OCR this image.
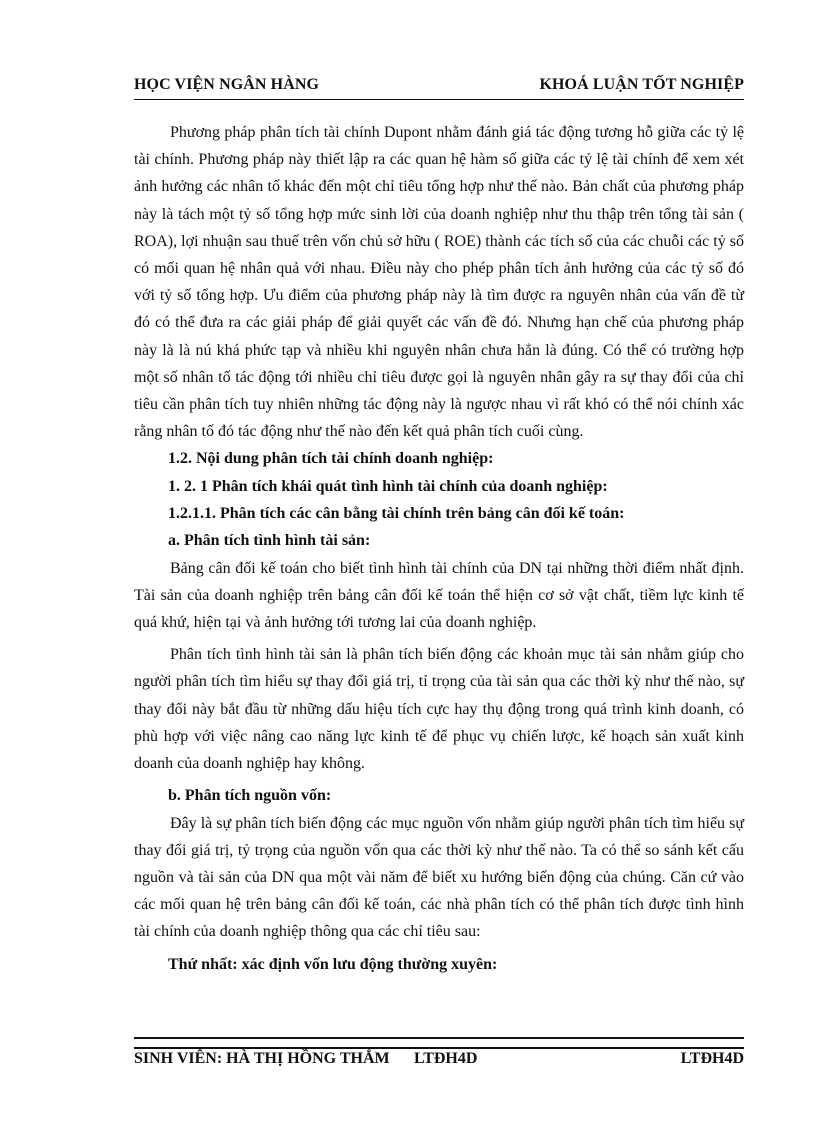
HỌC VIỆN NGÂN HÀNG	KHOÁ LUẬN TỐT NGHIỆP

Phương pháp phân tích tài chính Dupont nhằm đánh giá tác động tương hỗ giữa các tỷ lệ tài chính. Phương pháp này thiết lập ra các quan hệ hàm số giữa các tỷ lệ tài chính để xem xét ảnh hưởng các nhân tố khác đến một chỉ tiêu tổng hợp như thế nào. Bản chất của phương pháp này là tách một tỷ số tổng hợp mức sinh lời của doanh nghiệp như thu thập trên tổng tài sản ( ROA), lợi nhuận sau thuế trên vốn chủ sở hữu ( ROE) thành các tích số của các chuỗi các tỷ số có mối quan hệ nhân quả với nhau. Điều này cho phép phân tích ảnh hưởng của các tỷ số đó với tỷ số tổng hợp. Ưu điểm của phương pháp này là tìm được ra nguyên nhân của vấn đề từ đó có thể đưa ra các giải pháp để giải quyết các vấn đề đó. Nhưng hạn chế của phương pháp này là là nú khá phức tạp và nhiều khi nguyên nhân chưa hẳn là đúng. Có thể có trường hợp một số nhân tố tác động tới nhiều chỉ tiêu được gọi là nguyên nhân gây ra sự thay đổi của chỉ tiêu cần phân tích tuy nhiên những tác động này là ngược nhau vì rất khó có thể nói chính xác rằng nhân tố đó tác động như thế nào đến kết quả phân tích cuối cùng.

1.2. Nội dung phân tích tài chính doanh nghiệp:

1. 2. 1 Phân tích khái quát tình hình tài chính của doanh nghiệp:

1.2.1.1. Phân tích các cân bằng tài chính trên bảng cân đối kế toán:

a. Phân tích tình hình tài sản:

Bảng cân đối kế toán cho biết tình hình tài chính của DN tại những thời điểm nhất định. Tài sản của doanh nghiệp trên bảng cân đối kế toán thể hiện cơ sở vật chất, tiềm lực kinh tế quá khứ, hiện tại và ảnh hưởng tới tương lai của doanh nghiệp.

Phân tích tình hình tài sản là phân tích biến động các khoản mục tài sản nhằm giúp cho người phân tích tìm hiểu sự thay đổi giá trị, tỉ trọng của tài sản qua các thời kỳ như thế nào, sự thay đổi này bắt đầu từ những dấu hiệu tích cực hay thụ động trong quá trình kinh doanh, có phù hợp với việc nâng cao năng lực kinh tế để phục vụ chiến lược, kế hoạch sản xuất kinh doanh của doanh nghiệp hay không.

b. Phân tích nguồn vốn:

Đây là sự phân tích biến động các mục nguồn vốn nhằm giúp người phân tích tìm hiểu sự thay đổi giá trị, tỷ trọng của nguồn vốn qua các thời kỳ như thế nào. Ta có thể so sánh kết cấu nguồn và tài sản của DN qua một vài năm để biết xu hướng biến động của chúng. Căn cứ vào các mối quan hệ trên bảng cân đối kế toán, các nhà phân tích có thể phân tích được tình hình tài chính của doanh nghiệp thông qua các chỉ tiêu sau:

Thứ nhất: xác định vốn lưu động thường xuyên:

SINH VIÊN: HÀ THỊ HỒNG THẮM LTĐH4D	LTĐH4D
